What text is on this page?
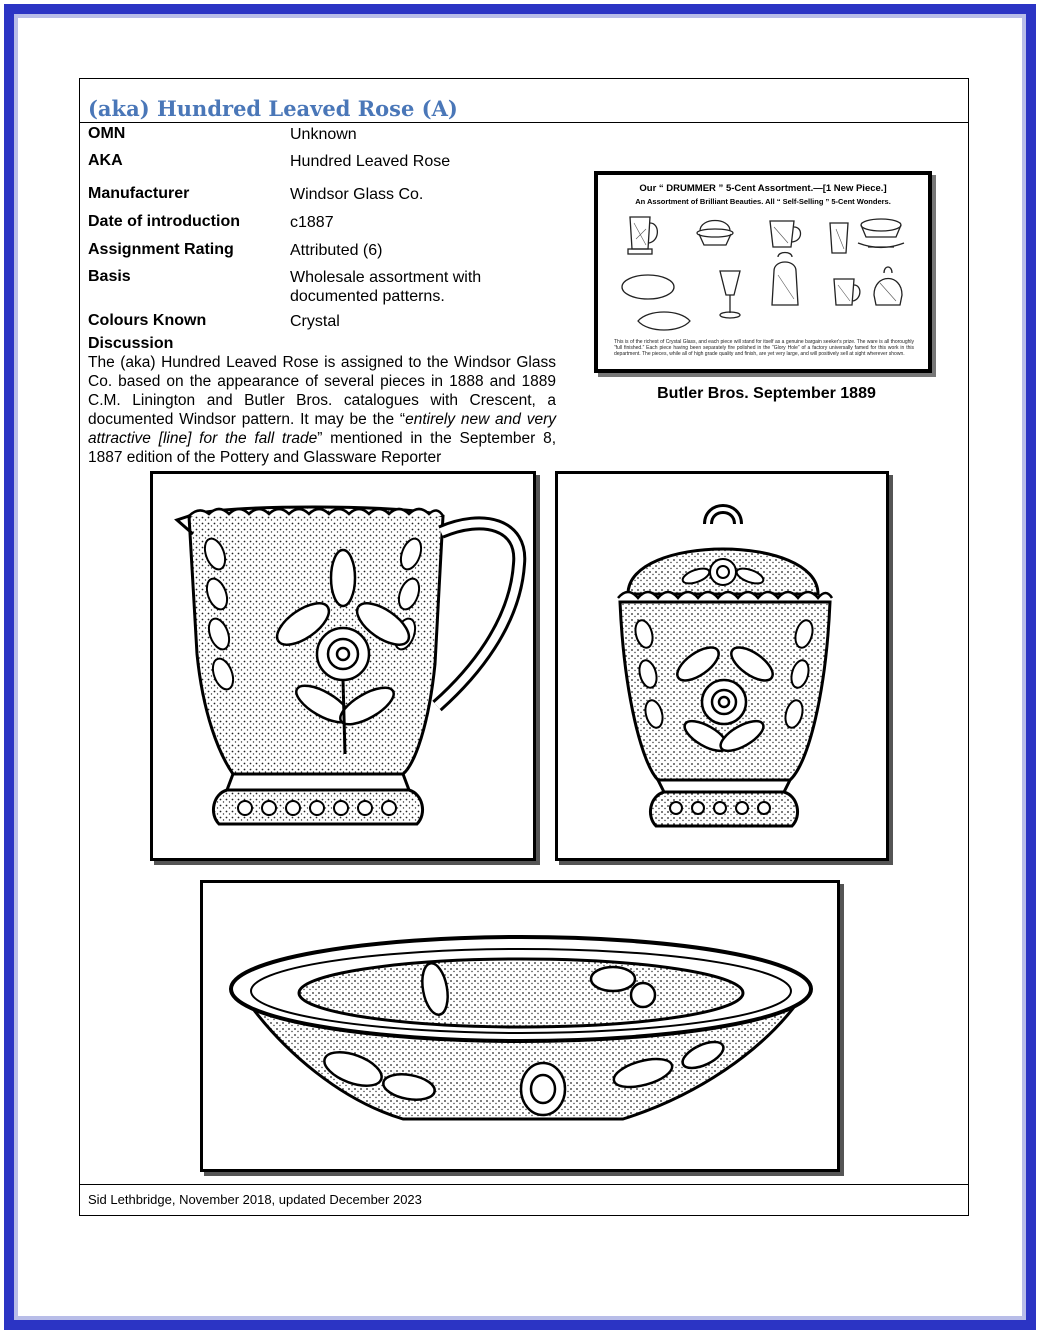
(aka) Hundred Leaved Rose (A)
OMN	Unknown
AKA	Hundred Leaved Rose
Manufacturer	Windsor Glass Co.
Date of introduction	c1887
Assignment Rating	Attributed (6)
Basis	Wholesale assortment with documented patterns.
Colours Known	Crystal
Discussion
The (aka) Hundred Leaved Rose is assigned to the Windsor Glass Co. based on the appearance of several pieces in 1888 and 1889 C.M. Linington and Butler Bros. catalogues with Crescent, a documented Windsor pattern. It may be the “entirely new and very attractive [line] for the fall trade” mentioned in the September 8, 1887 edition of the Pottery and Glassware Reporter
Our “ DRUMMER ” 5-Cent Assortment.—[1 New Piece.]
An Assortment of Brilliant Beauties. All “ Self-Selling ” 5-Cent Wonders.
This is of the richest of Crystal Glass, and each piece will stand for itself as a genuine bargain seeker's prize. The ware is all thoroughly “full finished.” Each piece having been separately fire polished in the “Glory Hole” of a factory universally famed for this work in this department. The pieces, while all of high grade quality and finish, are yet very large, and will positively sell at sight wherever shown.
Butler Bros. September 1889
Sid Lethbridge, November 2018, updated December 2023
